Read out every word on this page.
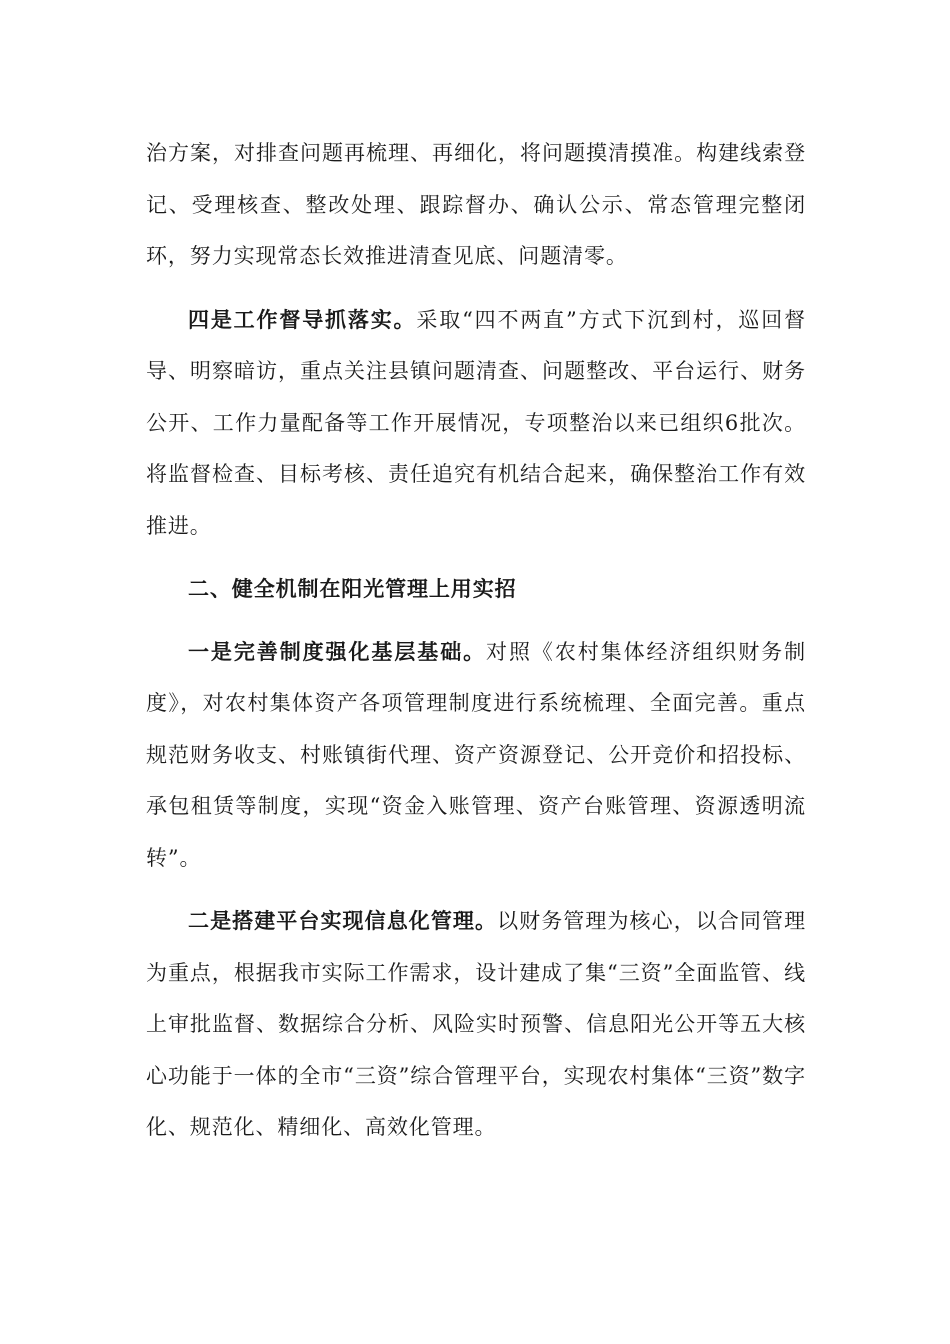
治方案，对排查问题再梳理、再细化，将问题摸清摸准。构建线索登记、受理核查、整改处理、跟踪督办、确认公示、常态管理完整闭环，努力实现常态长效推进清查见底、问题清零。

四是工作督导抓落实。采取“四不两直”方式下沉到村，巡回督导、明察暗访，重点关注县镇问题清查、问题整改、平台运行、财务公开、工作力量配备等工作开展情况，专项整治以来已组织6批次。将监督检查、目标考核、责任追究有机结合起来，确保整治工作有效推进。

二、健全机制在阳光管理上用实招

一是完善制度强化基层基础。对照《农村集体经济组织财务制度》，对农村集体资产各项管理制度进行系统梳理、全面完善。重点规范财务收支、村账镇街代理、资产资源登记、公开竞价和招投标、承包租赁等制度，实现“资金入账管理、资产台账管理、资源透明流转”。

二是搭建平台实现信息化管理。以财务管理为核心，以合同管理为重点，根据我市实际工作需求，设计建成了集“三资”全面监管、线上审批监督、数据综合分析、风险实时预警、信息阳光公开等五大核心功能于一体的全市“三资”综合管理平台，实现农村集体“三资”数字化、规范化、精细化、高效化管理。
